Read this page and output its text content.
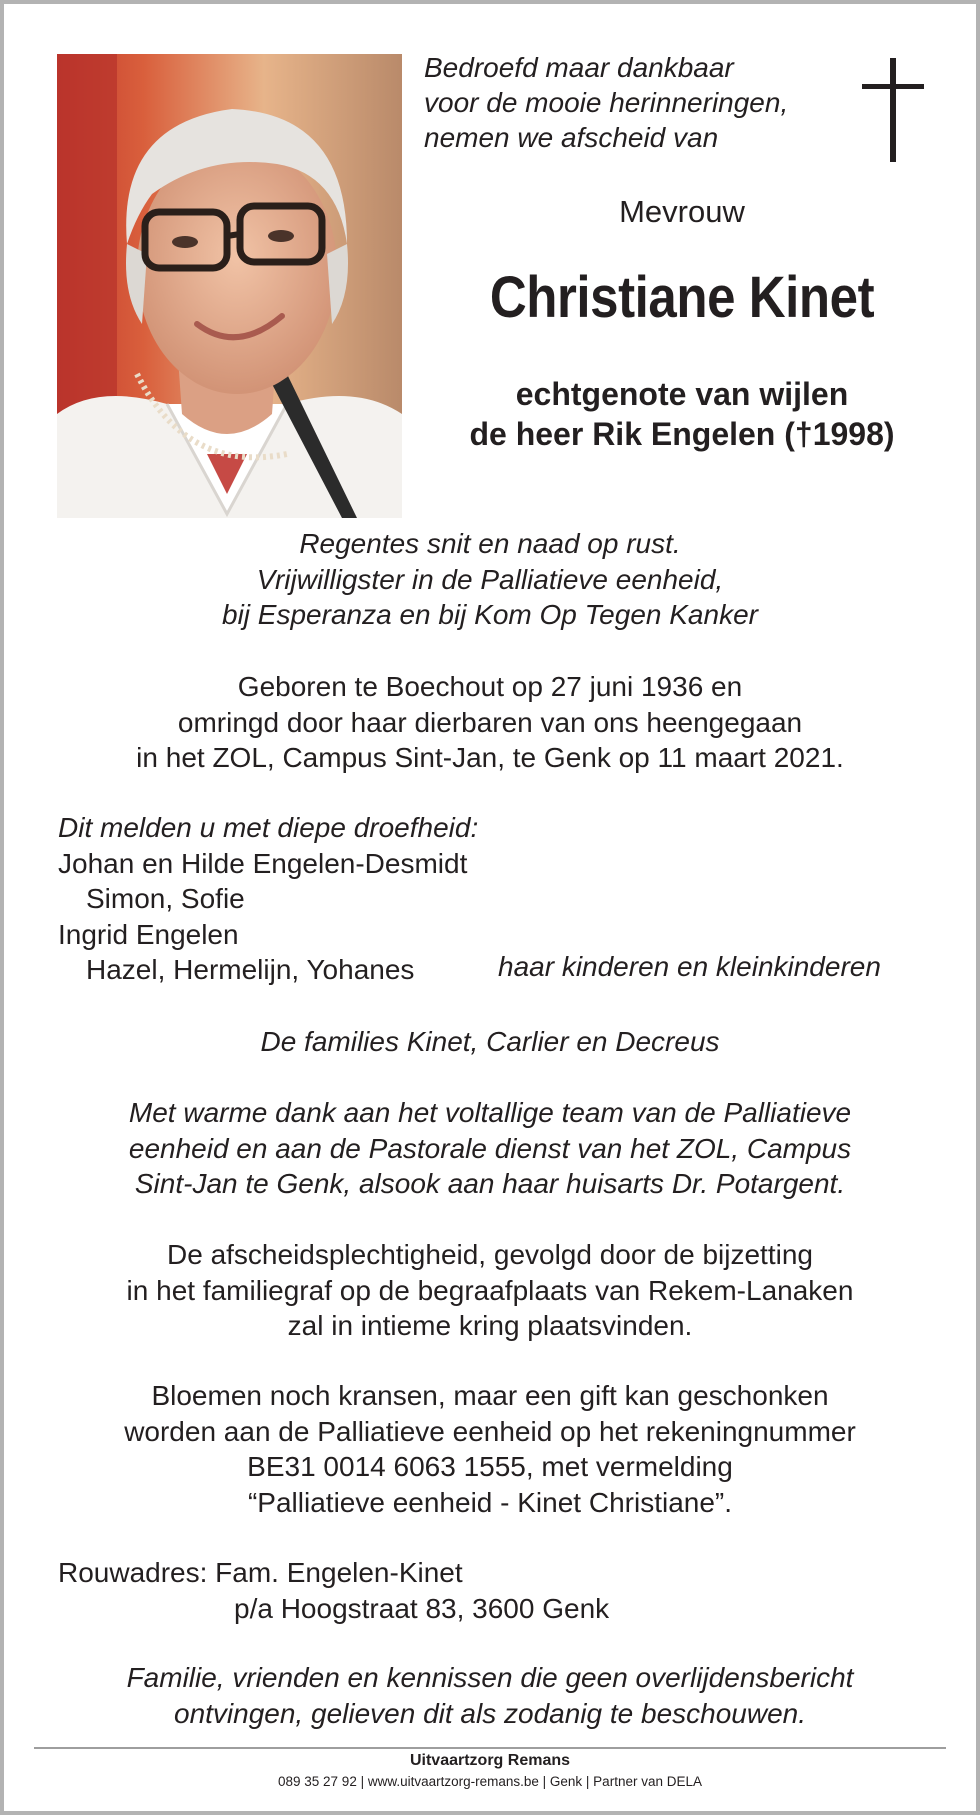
Bedroefd maar dankbaar
voor de mooie herinneringen,
nemen we afscheid van
Mevrouw
Christiane Kinet
echtgenote van wijlen
de heer Rik Engelen (†1998)
Regentes snit en naad op rust.
Vrijwilligster in de Palliatieve eenheid,
bij Esperanza en bij Kom Op Tegen Kanker
Geboren te Boechout op 27 juni 1936 en
omringd door haar dierbaren van ons heengegaan
in het ZOL, Campus Sint-Jan, te Genk op 11 maart 2021.
Dit melden u met diepe droefheid:
Johan en Hilde Engelen-Desmidt
Simon, Sofie
Ingrid Engelen
Hazel, Hermelijn, Yohanes	haar kinderen en kleinkinderen
De families Kinet, Carlier en Decreus
Met warme dank aan het voltallige team van de Palliatieve
eenheid en aan de Pastorale dienst van het ZOL, Campus
Sint-Jan te Genk, alsook aan haar huisarts Dr. Potargent.
De afscheidsplechtigheid, gevolgd door de bijzetting
in het familiegraf op de begraafplaats van Rekem-Lanaken
zal in intieme kring plaatsvinden.
Bloemen noch kransen, maar een gift kan geschonken
worden aan de Palliatieve eenheid op het rekeningnummer
BE31 0014 6063 1555, met vermelding
“Palliatieve eenheid - Kinet Christiane”.
Rouwadres: Fam. Engelen-Kinet
p/a Hoogstraat 83, 3600 Genk
Familie, vrienden en kennissen die geen overlijdensbericht
ontvingen, gelieven dit als zodanig te beschouwen.
Uitvaartzorg Remans
089 35 27 92 | www.uitvaartzorg-remans.be | Genk | Partner van DELA
